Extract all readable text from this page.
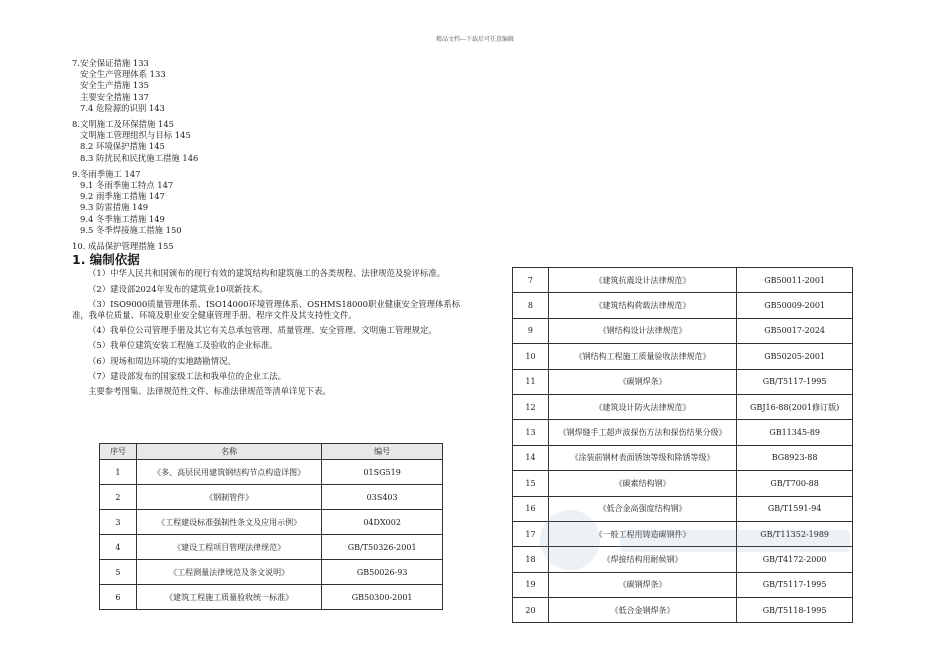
精品文档---下载后可任意编辑
7.安全保证措施 133
安全生产管理体系 133
安全生产措施 135
主要安全措施 137
7.4 危险源的识别 143
8.文明施工及环保措施 145
文明施工管理组织与目标 145
8.2 环境保护措施 145
8.3 防扰民和民扰施工措施 146
9.冬雨季施工 147
9.1 冬雨季施工特点 147
9.2 雨季施工措施 147
9.3 防雷措施 149
9.4 冬季施工措施 149
9.5 冬季焊接施工措施 150
10. 成品保护管理措施 155
1. 编制依据
（1）中华人民共和国颁布的现行有效的建筑结构和建筑施工的各类规程、法律规范及验评标准。
（2）建设部2024年发布的建筑业10项新技术。
（3）ISO9000质量管理体系、ISO14000环境管理体系、OSHMS18000职业健康安全管理体系标准，我单位质量、环境及职业安全健康管理手册、程序文件及其支持性文件。
（4）我单位公司管理手册及其它有关总承包管理、质量管理、安全管理、文明施工管理规定。
（5）我单位建筑安装工程施工及验收的企业标准。
（6）现场和周边环境的实地踏勘情况。
（7）建设部发布的国家级工法和我单位的企业工法。
主要参考图集、法律规范性文件、标准法律规范等清单详见下表。
序号	名称	编号
1	《多、高层民用建筑钢结构节点构造详图》	01SG519
2	《钢制管件》	03S403
3	《工程建设标准强制性条文及应用示例》	04DX002
4	《建设工程项目管理法律规范》	GB/T50326-2001
5	《工程测量法律规范及条文说明》	GB50026-93
6	《建筑工程施工质量验收统一标准》	GB50300-2001
7	《建筑抗震设计法律规范》	GB50011-2001
8	《建筑结构荷载法律规范》	GB50009-2001
9	《钢结构设计法律规范》	GB50017-2024
10	《钢结构工程施工质量验收法律规范》	GB50205-2001
11	《碳钢焊条》	GB/T5117-1995
12	《建筑设计防火法律规范》	GBJ16-88(2001修订版)
13	《钢焊缝手工超声波探伤方法和探伤结果分级》	GB11345-89
14	《涂装前钢材表面锈蚀等级和除锈等级》	BG8923-88
15	《碳素结构钢》	GB/T700-88
16	《低合金高强度结构钢》	GB/T1591-94
17	《一般工程用铸造碳钢件》	GB/T11352-1989
18	《焊接结构用耐候钢》	GB/T4172-2000
19	《碳钢焊条》	GB/T5117-1995
20	《低合金钢焊条》	GB/T5118-1995
